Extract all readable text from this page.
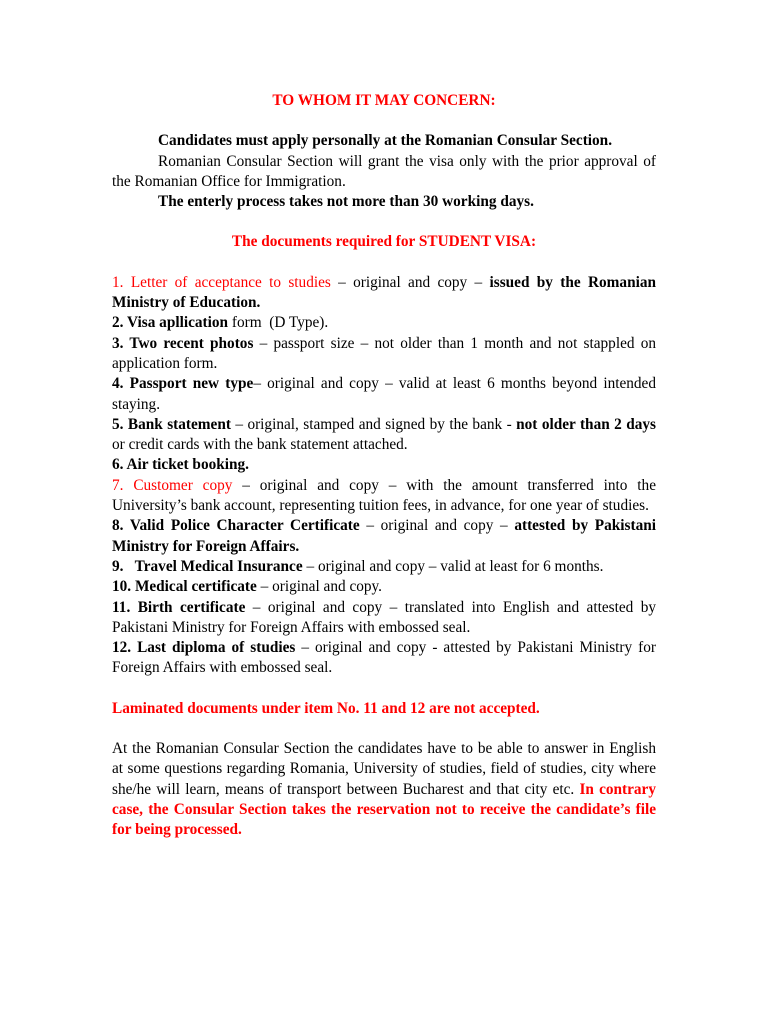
TO WHOM IT MAY CONCERN:

Candidates must apply personally at the Romanian Consular Section.

Romanian Consular Section will grant the visa only with the prior approval of the Romanian Office for Immigration.

The enterly process takes not more than 30 working days.

The documents required for STUDENT VISA:

1. Letter of acceptance to studies – original and copy – issued by the Romanian Ministry of Education.

2. Visa apllication form  (D Type).

3. Two recent photos – passport size – not older than 1 month and not stappled on application form.

4. Passport new type– original and copy – valid at least 6 months beyond intended staying.

5. Bank statement – original, stamped and signed by the bank - not older than 2 days or credit cards with the bank statement attached.

6. Air ticket booking.

7. Customer copy – original and copy – with the amount transferred into the University’s bank account, representing tuition fees, in advance, for one year of studies.

8. Valid Police Character Certificate – original and copy – attested by Pakistani Ministry for Foreign Affairs.

9.   Travel Medical Insurance – original and copy – valid at least for 6 months.

10. Medical certificate – original and copy.

11. Birth certificate – original and copy – translated into English and attested by Pakistani Ministry for Foreign Affairs with embossed seal.

12. Last diploma of studies – original and copy - attested by Pakistani Ministry for Foreign Affairs with embossed seal.

Laminated documents under item No. 11 and 12 are not accepted.

At the Romanian Consular Section the candidates have to be able to answer in English at some questions regarding Romania, University of studies, field of studies, city where she/he will learn, means of transport between Bucharest and that city etc. In contrary case, the Consular Section takes the reservation not to receive the candidate’s file for being processed.
